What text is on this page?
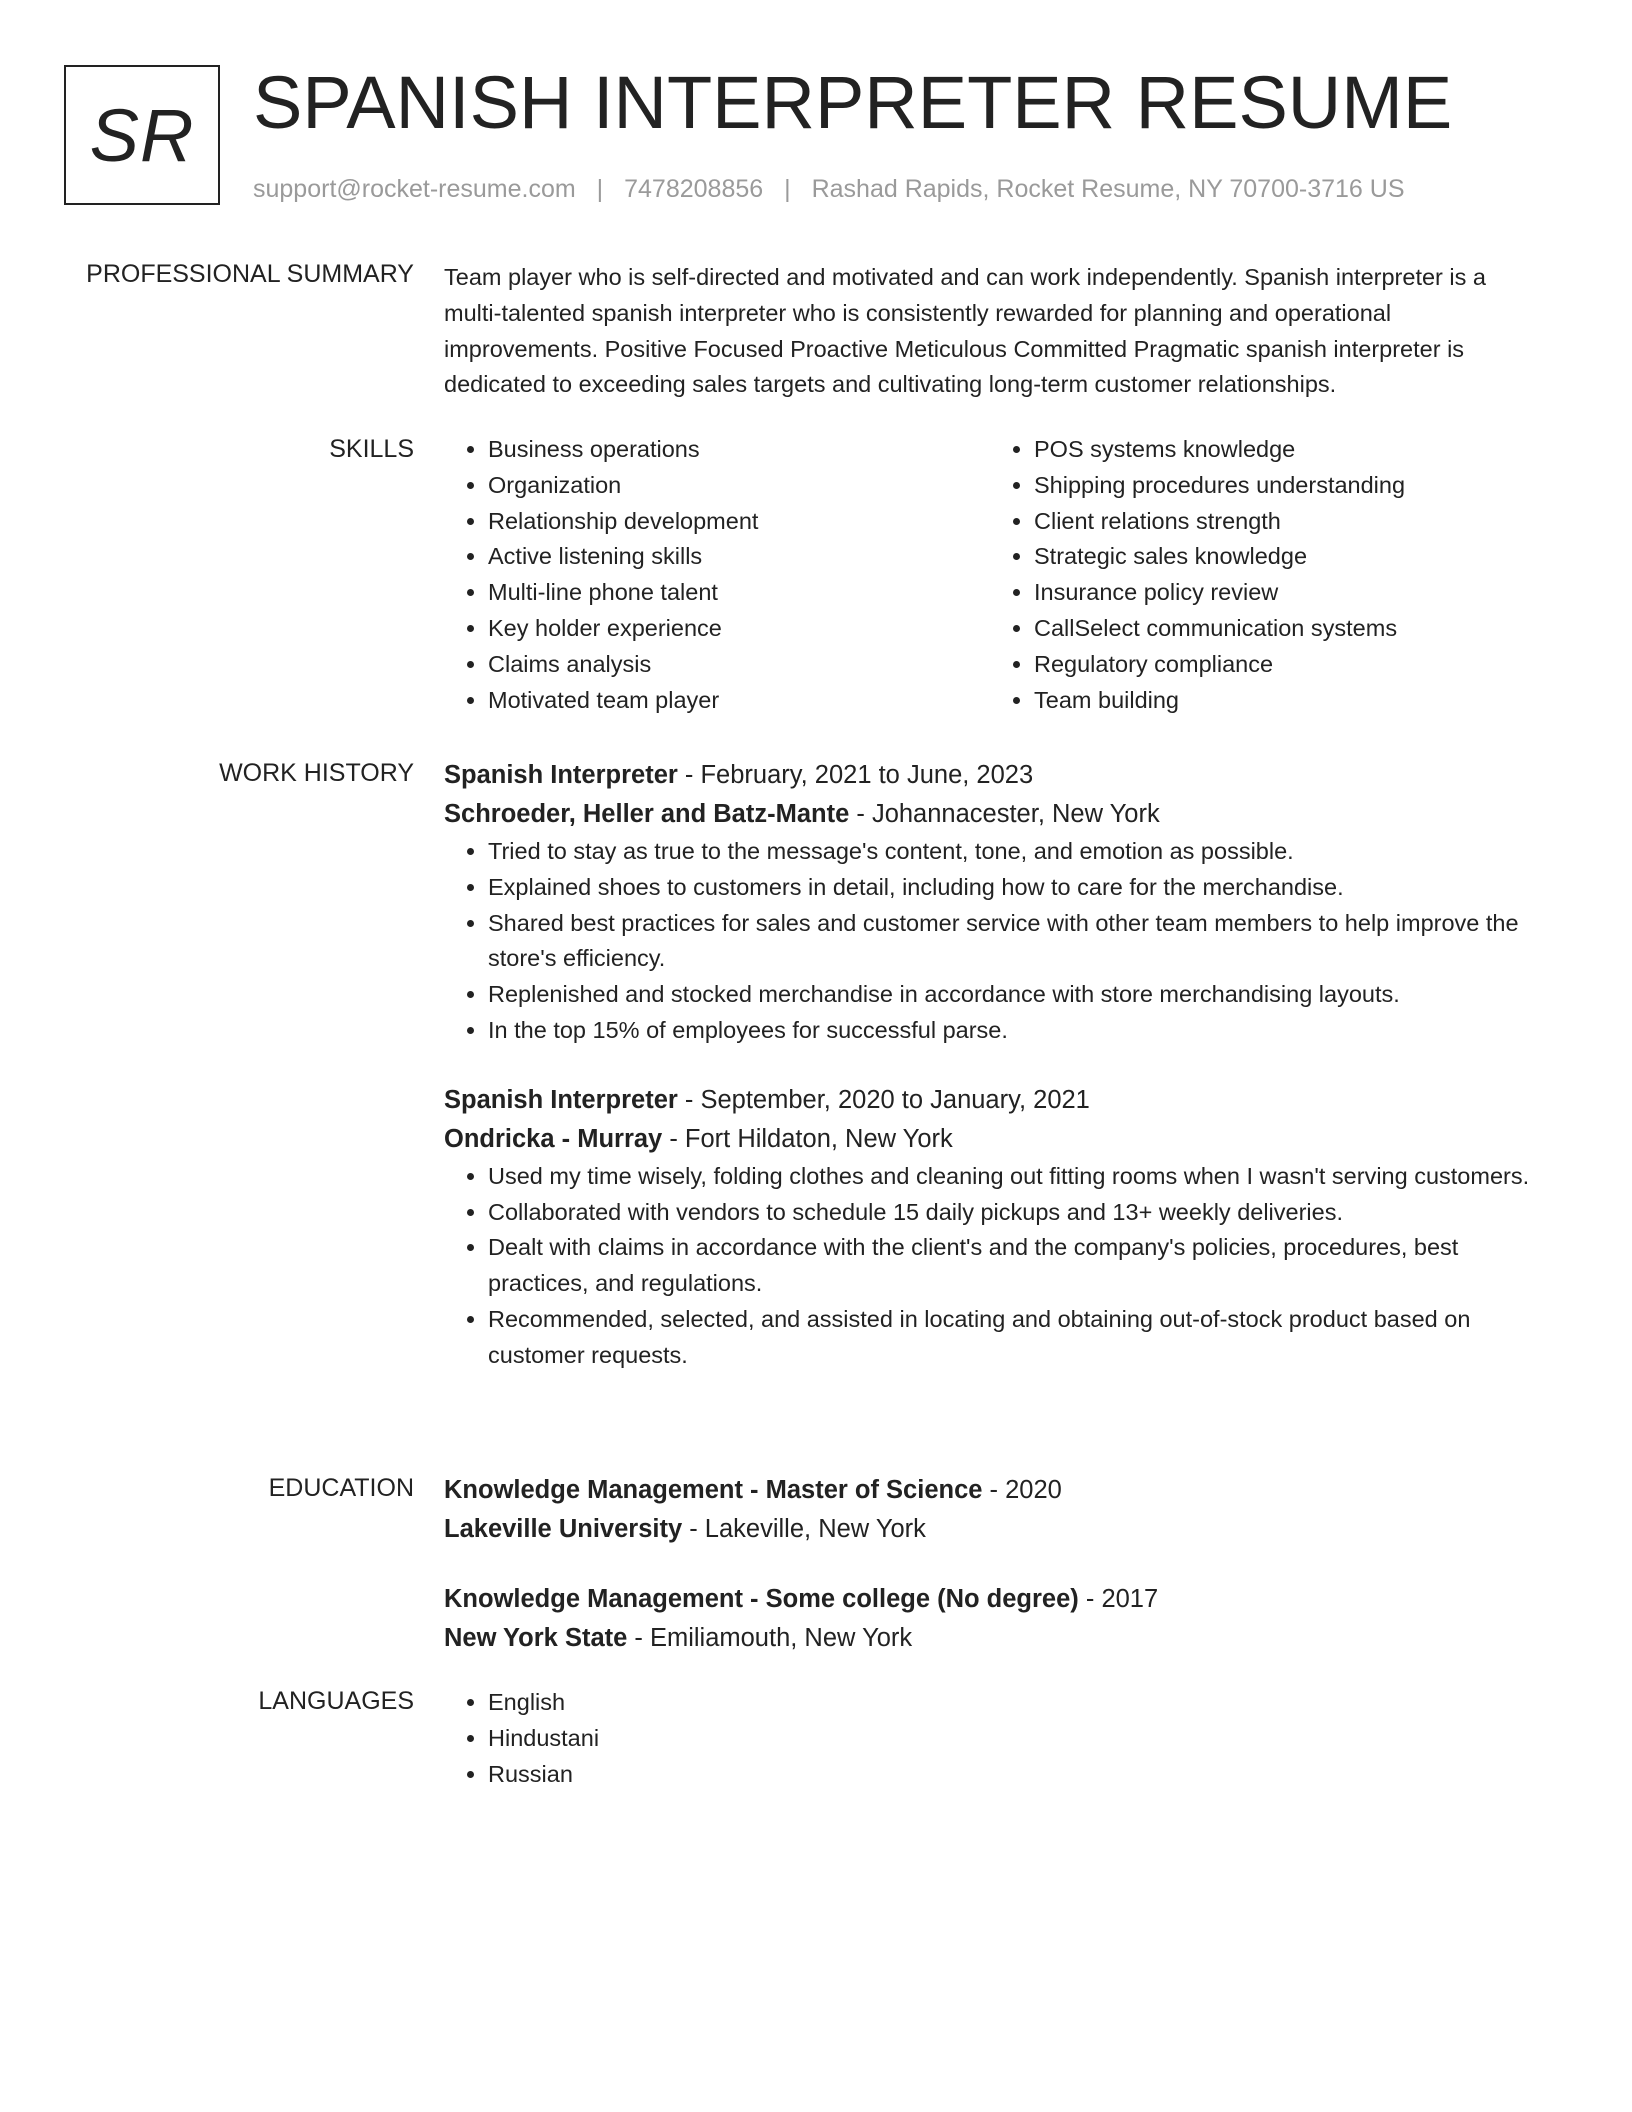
SR SPANISH INTERPRETER RESUME
support@rocket-resume.com | 7478208856 | Rashad Rapids, Rocket Resume, NY 70700-3716 US
PROFESSIONAL SUMMARY Team player who is self-directed and motivated and can work independently. Spanish interpreter is a multi-talented spanish interpreter who is consistently rewarded for planning and operational improvements. Positive Focused Proactive Meticulous Committed Pragmatic spanish interpreter is dedicated to exceeding sales targets and cultivating long-term customer relationships.

SKILLS	• Business operations
• Organization
• Relationship development
• Active listening skills
• Multi-line phone talent
• Key holder experience
• Claims analysis
• Motivated team player
• POS systems knowledge
• Shipping procedures understanding
• Client relations strength
• Strategic sales knowledge
• Insurance policy review
• CallSelect communication systems
• Regulatory compliance
• Team building
WORK HISTORY Spanish Interpreter - February, 2021 to June, 2023
Schroeder, Heller and Batz-Mante - Johannacester, New York
• Tried to stay as true to the message's content, tone, and emotion as possible.
• Explained shoes to customers in detail, including how to care for the merchandise.
• Shared best practices for sales and customer service with other team members to help improve the store's efficiency.
• Replenished and stocked merchandise in accordance with store merchandising layouts.
• In the top 15% of employees for successful parse.
Spanish Interpreter - September, 2020 to January, 2021
Ondricka - Murray - Fort Hildaton, New York
• Used my time wisely, folding clothes and cleaning out fitting rooms when I wasn't serving customers.
• Collaborated with vendors to schedule 15 daily pickups and 13+ weekly deliveries.
• Dealt with claims in accordance with the client's and the company's policies, procedures, best practices, and regulations.
• Recommended, selected, and assisted in locating and obtaining out-of-stock product based on customer requests.
EDUCATION Knowledge Management - Master of Science - 2020
Lakeville University - Lakeville, New York
Knowledge Management - Some college (No degree) - 2017
New York State - Emiliamouth, New York
LANGUAGES	• English
• Hindustani
• Russian
